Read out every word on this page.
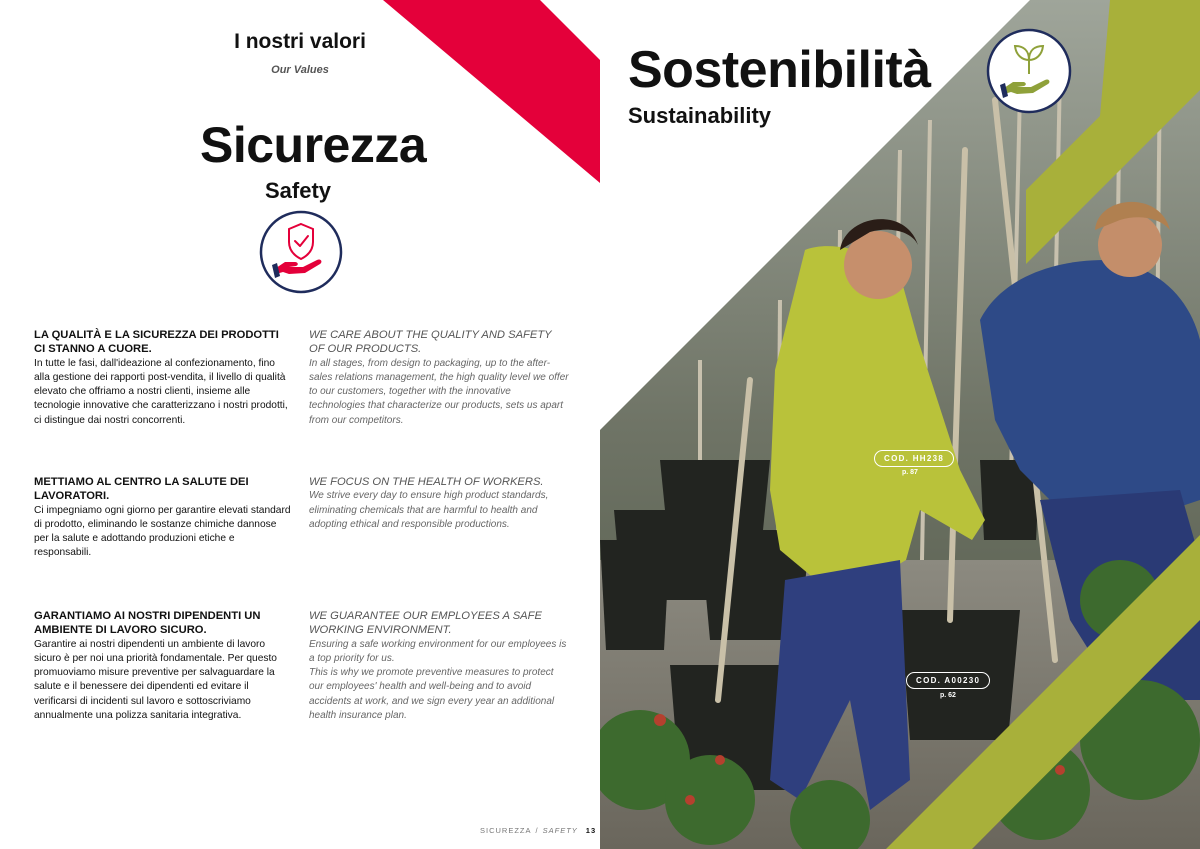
I nostri valori
Our Values
Sicurezza
Safety
LA QUALITÀ E LA SICUREZZA DEI PRODOTTI CI STANNO A CUORE.

In tutte le fasi, dall'ideazione al confezionamento, fino alla gestione dei rapporti post-vendita, il livello di qualità elevato che offriamo a nostri clienti, insieme alle tecnologie innovative che caratterizzano i nostri prodotti, ci distingue dai nostri concorrenti.

WE CARE ABOUT THE QUALITY AND SAFETY OF OUR PRODUCTS.

In all stages, from design to packaging, up to the after-sales relations management, the high quality level we offer to our customers, together with the innovative technologies that characterize our products, sets us apart from our competitors.

METTIAMO AL CENTRO LA SALUTE DEI LAVORATORI.

Ci impegniamo ogni giorno per garantire elevati standard di prodotto, eliminando le sostanze chimiche dannose per la salute e adottando produzioni etiche e responsabili.

WE FOCUS ON THE HEALTH OF WORKERS.

We strive every day to ensure high product standards, eliminating chemicals that are harmful to health and adopting ethical and responsible productions.

GARANTIAMO AI NOSTRI DIPENDENTI UN AMBIENTE DI LAVORO SICURO.

Garantire ai nostri dipendenti un ambiente di lavoro sicuro è per noi una priorità fondamentale. Per questo promuoviamo misure preventive per salvaguardare la salute e il benessere dei dipendenti ed evitare il verificarsi di incidenti sul lavoro e sottoscriviamo annualmente una polizza sanitaria integrativa.

WE GUARANTEE OUR EMPLOYEES A SAFE WORKING ENVIRONMENT.

Ensuring a safe working environment for our employees is a top priority for us.

This is why we promote preventive measures to protect our employees' health and well-being and to avoid accidents at work, and we sign every year an additional health insurance plan.

SICUREZZA / SAFETY 13
Sostenibilità
Sustainability
COD. HH238
p. 87
COD. A00230
p. 62
